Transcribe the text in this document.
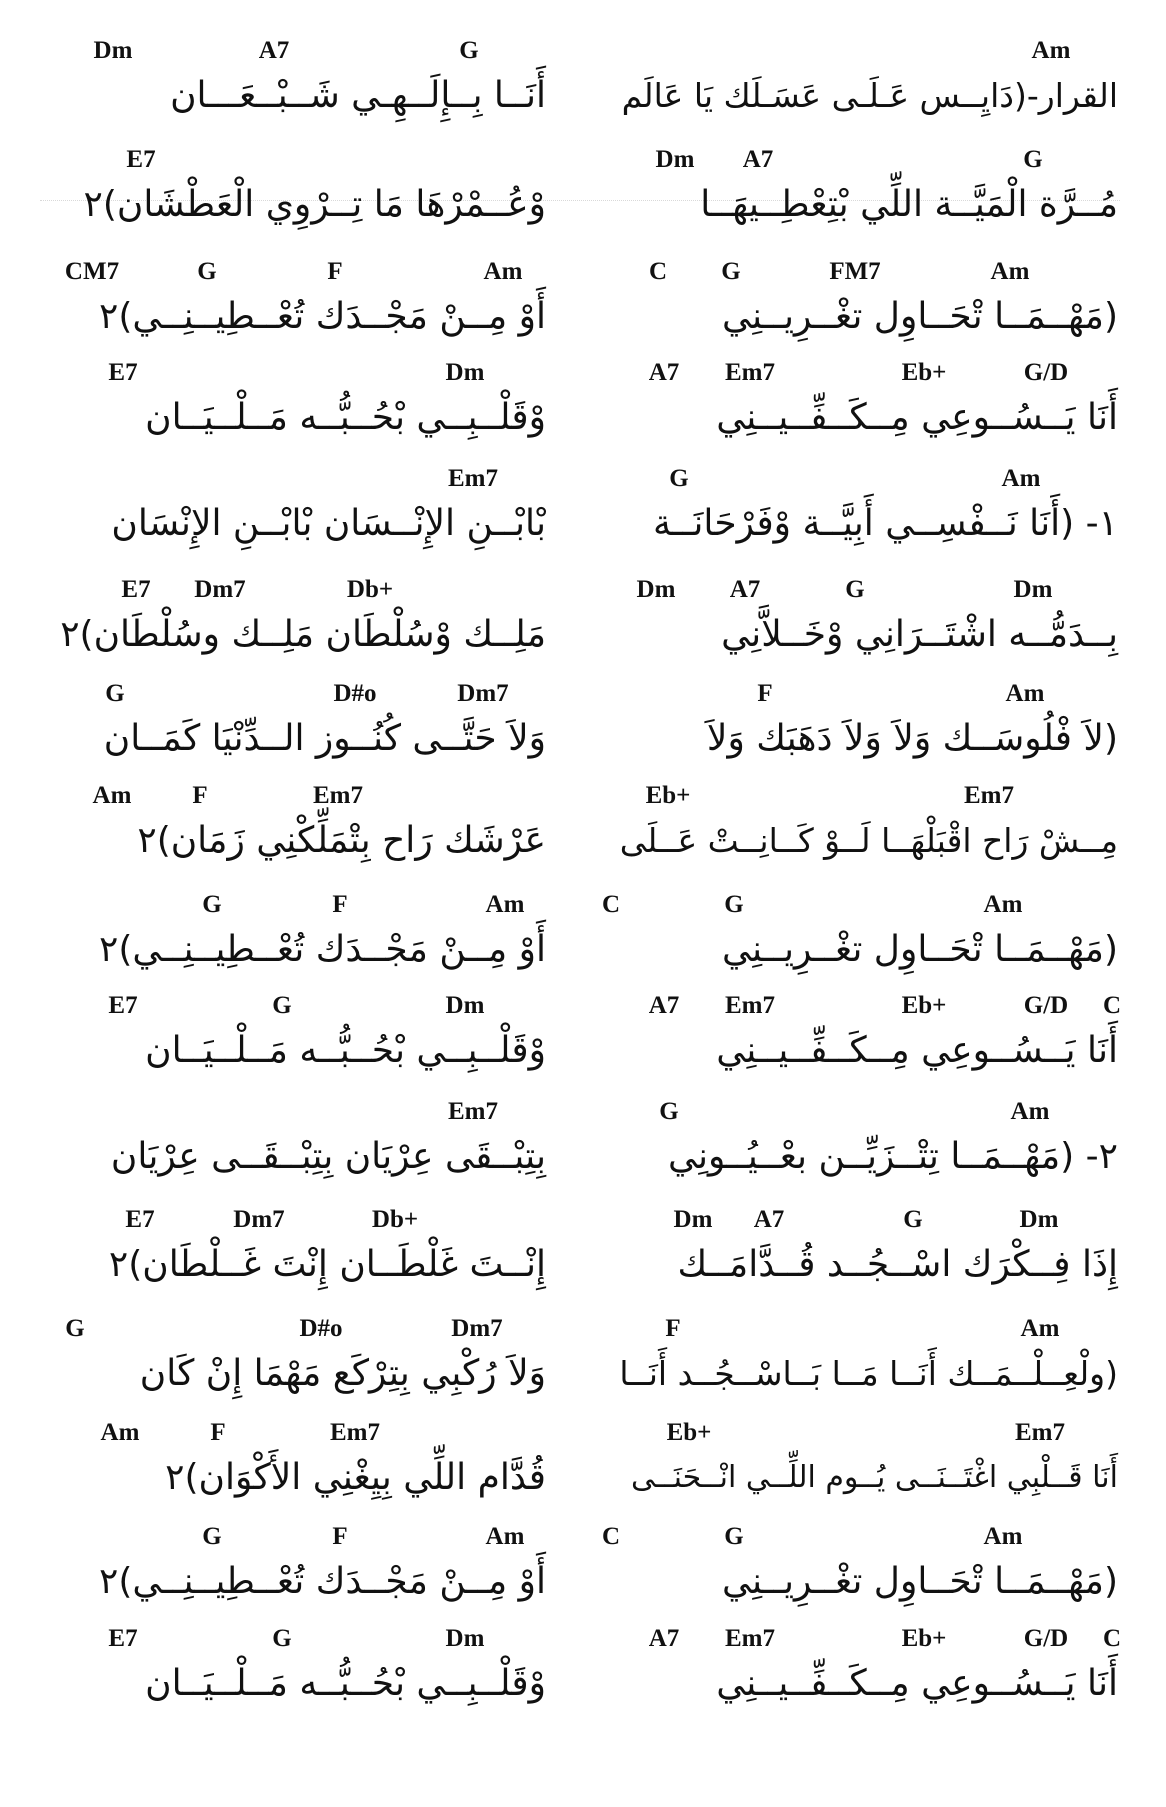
Dm	A7	G	Am
القرار-(دَايِــس عَـلَـى عَسَـلَك يَا عَالَم
أَنَــا بِــإِلَــهِـي شَــبْــعَـــان
E7	Dm A7	G
مُــرَّة الْمَيَّــة اللِّي بْتِعْطِــيهَــا
وْعُــمْرْهَا مَا تِــرْوِي الْعَطْشَان)٢
CM7	G	F	Am	C G	FM7	Am
(مَهْــمَــا تْحَــاوِل تغْــرِيــنِي
أَوْ مِــنْ مَجْــدَك تُعْــطِيــنِــي)٢
E7	Dm	A7 Em7	Eb+	G/D
أَنَا يَــسُــوعِي مِــكَــفِّــيــنِي
وْقَلْــبِــي بْحُــبُّــه مَــلْــيَــان
Em7	G	Am
١- (أَنَا نَــفْسِــي أَبِيَّــة وْفَرْحَانَــة
بْابْــنِ الإِنْــسَان بْابْــنِ الإِنْسَان
E7 Dm7	Db+	Dm A7	G	Dm
بِــدَمُّــه اشْتَــرَانِي وْخَــلاَّنِي
مَلِــك وْسُلْطَان مَلِــك وسُلْطَان)٢
G	D#o	Dm7	F	Am
(لاَ فْلُوسَــك وَلاَ وَلاَ دَهَبَك وَلاَ
وَلاَ حَتَّــى كُنُــوز الــدِّنْيَا كَمَــان
Am F	Em7	Eb+	Em7
مِــشْ رَاح اقْبَلْهَــا لَــوْ كَــانِــتْ عَــلَى
عَرْشَك رَاح بِتْمَلِّكْنِي زَمَان)٢
G	F	Am	C	G	Am
(مَهْــمَــا تْحَــاوِل تغْــرِيــنِي
أَوْ مِــنْ مَجْــدَك تُعْــطِيــنِــي)٢
E7	G	Dm	A7 Em7	Eb+	G/D C
أَنَا يَــسُــوعِي مِــكَــفِّــيــنِي
وْقَلْــبِــي بْحُــبُّــه مَــلْــيَــان
Em7	G	Am
٢- (مَهْــمَــا تِتْــزَيِّــن بعْــيُــونِي
بِتِبْــقَى عِرْيَان بِتِبْــقَــى عِرْيَان
E7	Dm7	Db+	Dm A7	G	Dm
إِذَا فِــكْرَك اسْــجُــد قُــدَّامَــك
إِنْــتَ غَلْطَــان إِنْتَ غَــلْطَان)٢
G	D#o	Dm7	F	Am
(ولْعِــلْــمَــك أَنَــا مَــا بَــاسْــجُــد أَنَــا
وَلاَ رُكْبِي بِتِرْكَع مَهْمَا إِنْ كَان
Am	F	Em7	Eb+	Em7
أَنَا قَــلْبِي اغْتَــنَــى يُــوم اللِّــي انْــحَنَــى
قُدَّام اللِّي بِيِغْنِي الأَكْوَان)٢
G	F	Am	C	G	Am
(مَهْــمَــا تْحَــاوِل تغْــرِيــنِي
أَوْ مِــنْ مَجْــدَك تُعْــطِيــنِــي)٢
E7	G	Dm	A7 Em7	Eb+	G/D C
أَنَا يَــسُــوعِي مِــكَــفِّــيــنِي
وْقَلْــبِــي بْحُــبُّــه مَــلْــيَــان
